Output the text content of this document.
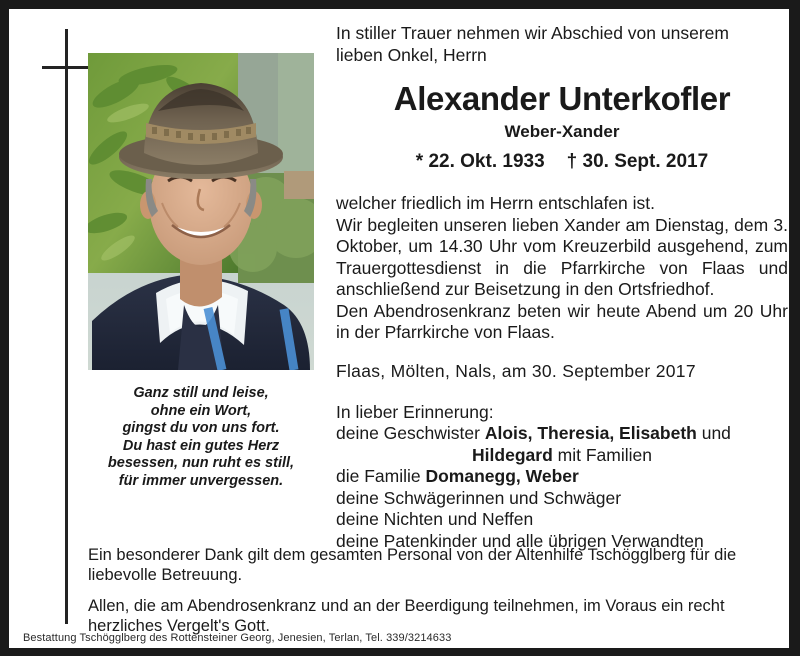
Ganz still und leise,
ohne ein Wort,
gingst du von uns fort.
Du hast ein gutes Herz
besessen, nun ruht es still,
für immer unvergessen.
In stiller Trauer nehmen wir Abschied von unserem
lieben Onkel, Herrn
Alexander Unterkofler
Weber-Xander
* 22. Okt. 1933 † 30. Sept. 2017

welcher friedlich im Herrn entschlafen ist.

Wir begleiten unseren lieben Xander am Dienstag, dem 3. Oktober, um 14.30 Uhr vom Kreuzerbild ausgehend, zum Trauergottesdienst in die Pfarrkirche von Flaas und anschließend zur Beisetzung in den Ortsfriedhof.

Den Abendrosenkranz beten wir heute Abend um 20 Uhr in der Pfarrkirche von Flaas.

Flaas, Mölten, Nals, am 30. September 2017
In lieber Erinnerung:
deine Geschwister Alois, Theresia, Elisabeth und
Hildegard mit Familien
die Familie Domanegg, Weber
deine Schwägerinnen und Schwäger
deine Nichten und Neffen
deine Patenkinder und alle übrigen Verwandten

Ein besonderer Dank gilt dem gesamten Personal von der Altenhilfe Tschögglberg für die liebevolle Betreuung.

Allen, die am Abendrosenkranz und an der Beerdigung teilnehmen, im Voraus ein recht herzliches Vergelt's Gott.

Bestattung Tschögglberg des Rottensteiner Georg, Jenesien, Terlan, Tel. 339/3214633
